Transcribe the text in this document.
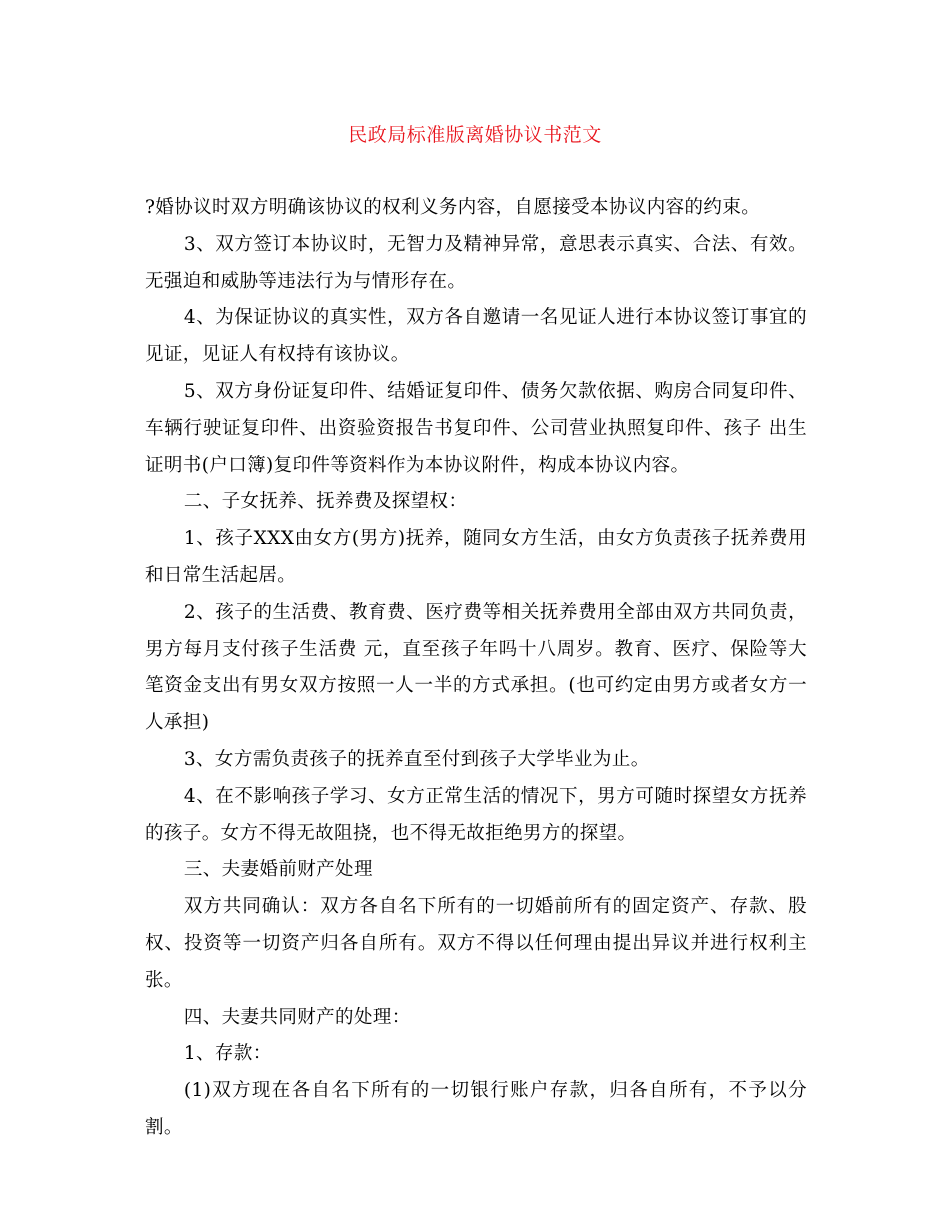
民政局标准版离婚协议书范文

?婚协议时双方明确该协议的权利义务内容，自愿接受本协议内容的约束。

3、双方签订本协议时，无智力及精神异常，意思表示真实、合法、有效。无强迫和威胁等违法行为与情形存在。

4、为保证协议的真实性，双方各自邀请一名见证人进行本协议签订事宜的见证，见证人有权持有该协议。

5、双方身份证复印件、结婚证复印件、债务欠款依据、购房合同复印件、车辆行驶证复印件、出资验资报告书复印件、公司营业执照复印件、孩子 出生证明书(户口簿)复印件等资料作为本协议附件，构成本协议内容。

二、子女抚养、抚养费及探望权：

1、孩子XXX由女方(男方)抚养，随同女方生活，由女方负责孩子抚养费用和日常生活起居。

2、孩子的生活费、教育费、医疗费等相关抚养费用全部由双方共同负责，男方每月支付孩子生活费 元，直至孩子年吗十八周岁。教育、医疗、保险等大笔资金支出有男女双方按照一人一半的方式承担。(也可约定由男方或者女方一人承担)

3、女方需负责孩子的抚养直至付到孩子大学毕业为止。

4、在不影响孩子学习、女方正常生活的情况下，男方可随时探望女方抚养的孩子。女方不得无故阻挠，也不得无故拒绝男方的探望。

三、夫妻婚前财产处理

双方共同确认：双方各自名下所有的一切婚前所有的固定资产、存款、股权、投资等一切资产归各自所有。双方不得以任何理由提出异议并进行权利主张。

四、夫妻共同财产的处理：

1、存款：

(1)双方现在各自名下所有的一切银行账户存款，归各自所有，不予以分割。
